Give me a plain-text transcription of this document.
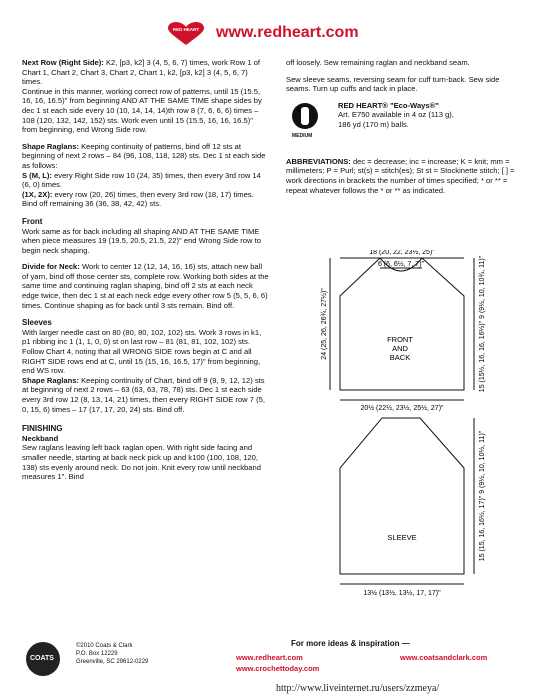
RED HEART www.redheart.com

Next Row (Right Side): K2, [p3, k2] 3 (4, 5, 6, 7) times, work Row 1 of Chart 1, Chart 2, Chart 3, Chart 2, Chart 1, k2, [p3, k2] 3 (4, 5, 6, 7) times.
Continue in this manner, working correct row of patterns, until 15 (15.5, 16, 16, 16.5)" from beginning AND AT THE SAME TIME shape sides by dec 1 st each side every 10 (10, 14, 14, 14)th row 8 (7, 6, 6, 6) times – 108 (120, 132, 142, 152) sts. Work even until 15 (15.5, 16, 16, 16.5)" from beginning, end Wrong Side row.

Shape Raglans: Keeping continuity of patterns, bind off 12 sts at beginning of next 2 rows – 84 (96, 108, 118, 128) sts. Dec 1 st each side as follows:

S (M, L): every Right Side row 10 (24, 35) times, then every 3rd row 14 (6, 0) times.

(1X, 2X): every row (20, 26) times, then every 3rd row (18, 17) times.

Bind off remaining 36 (36, 38, 42, 42) sts.

Front

Work same as for back including all shaping AND AT THE SAME TIME when piece measures 19 (19.5, 20.5, 21.5, 22)" end Wrong Side row to begin neck shaping.

Divide for Neck: Work to center 12 (12, 14, 16, 16) sts, attach new ball of yarn, bind off those center sts, complete row. Working both sides at the same time and continuing raglan shaping, bind off 2 sts at each neck edge twice, then dec 1 st at each neck edge every other row 5 (5, 5, 6, 6) times. Continue shaping as for back until 3 sts remain. Bind off.

Sleeves

With larger needle cast on 80 (80, 80, 102, 102) sts. Work 3 rows in k1, p1 ribbing inc 1 (1, 1, 0, 0) st on last row – 81 (81, 81, 102, 102) sts. Follow Chart 4, noting that all WRONG SIDE rows begin at C and all RIGHT SIDE rows end at C, until 15 (15, 16, 16.5, 17)" from beginning, end WS row.

Shape Raglans: Keeping continuity of Chart, bind off 9 (9, 9, 12, 12) sts at beginning of next 2 rows – 63 (63, 63, 78, 78) sts. Dec 1 st each side every 3rd row 12 (8, 13, 14, 21) times, then every RIGHT SIDE row 7 (5, 0, 15, 6) times – 17 (17, 17, 20, 24) sts. Bind off.

FINISHING

Neckband

Sew raglans leaving left back raglan open. With right side facing and smaller needle, starting at back neck pick up and k100 (100, 108, 120, 138) sts evenly around neck. Do not join. Knit every row until neckband measures 1". Bind

off loosely. Sew remaining raglan and neckband seam.

Sew sleeve seams, reversing seam for cuff turn-back. Sew side seams. Turn up cuffs and tack in place.

4
MEDIUM
RED HEART® "Eco-Ways®"
Art. E750 available in 4 oz (113 g),
186 yd (170 m) balls.

ABBREVIATIONS: dec = decrease; inc = increase; K = knit; mm = millimeters; P = Purl; st(s) = stitch(es); St st = Stockinette stitch; [ ] = work directions in brackets the number of times specified; * or ** = repeat whatever follows the * or ** as indicated.

18 (20, 22, 23½, 25)"
6 (6, 6½, 7, 7)"
FRONT
AND
BACK
24 (25, 26, 26¾, 27½)"	15 (15½, 16, 16, 16½)" 9 (9½, 10, 10¾, 11)"
20½ (22½, 23½, 25½, 27)"
SLEEVE	15 (15, 16, 16½, 17)" 9 (9½, 10, 10½, 11)"
13½ (13½, 13½, 17, 17)"
COATS
©2010 Coats & Clark
P.O. Box 12229
Greenville, SC 29612-0229
For more ideas & inspiration —
www.redheart.com
www.crochettoday.com
www.coatsandclark.com
http://www.liveinternet.ru/users/zzmeya/
